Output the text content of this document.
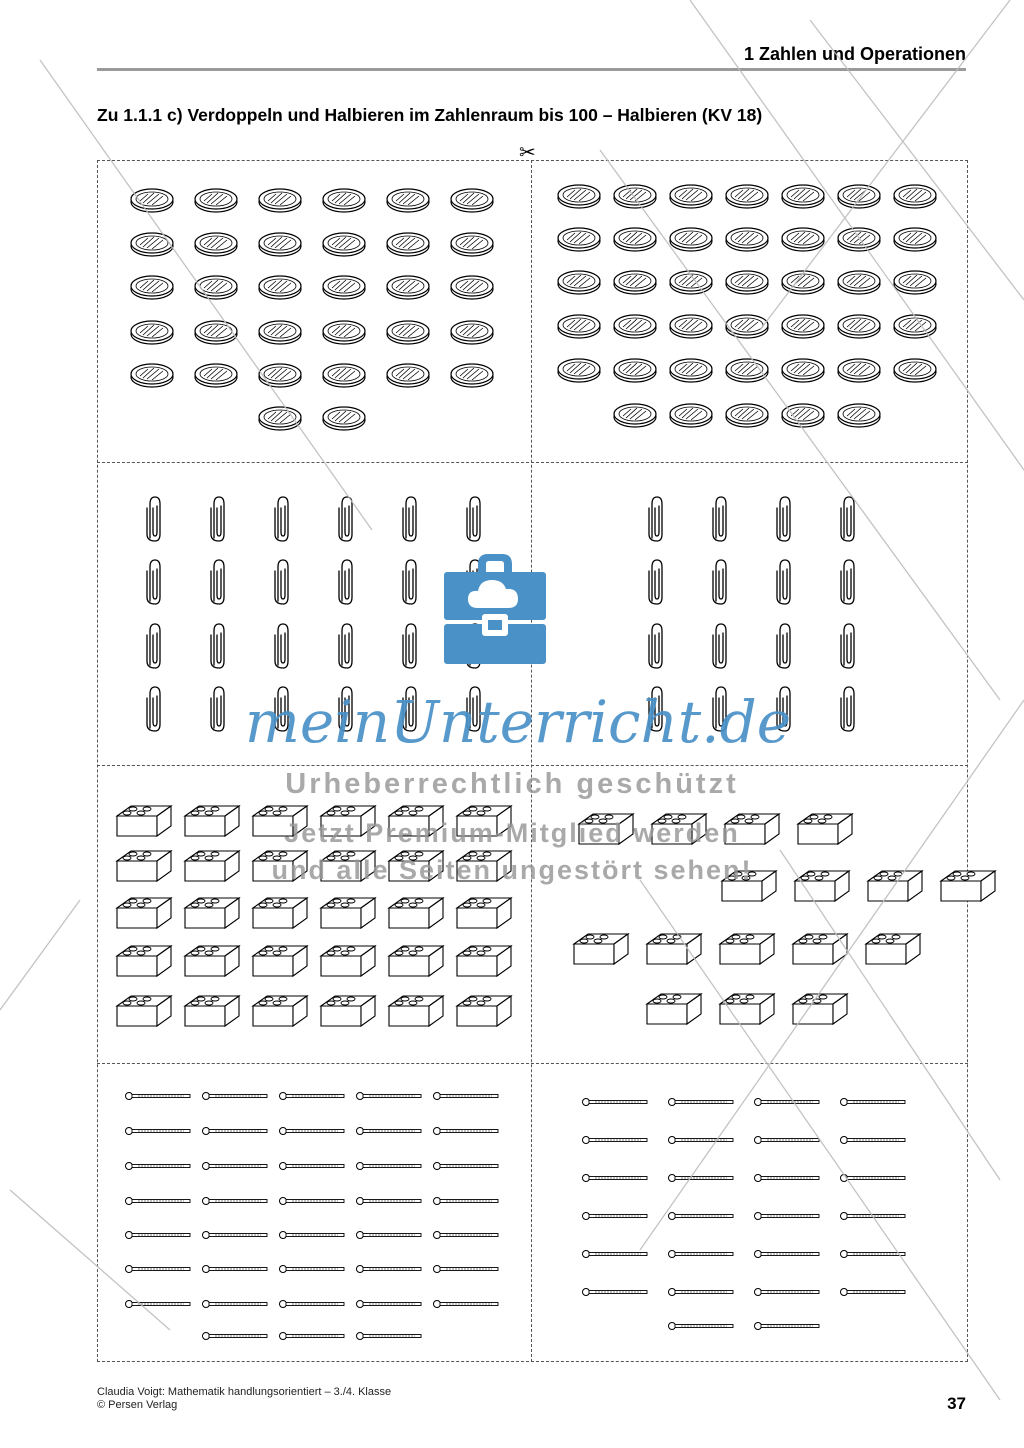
1 Zahlen und Operationen
Zu 1.1.1 c) Verdoppeln und Halbieren im Zahlenraum bis 100 – Halbieren (KV 18)
✂
meinUnterricht.de
Urheberrechtlich geschützt
Jetzt Premium-Mitglied werden
und alle Seiten ungestört sehen!
Claudia Voigt: Mathematik handlungsorientiert – 3./4. Klasse
© Persen Verlag	37
